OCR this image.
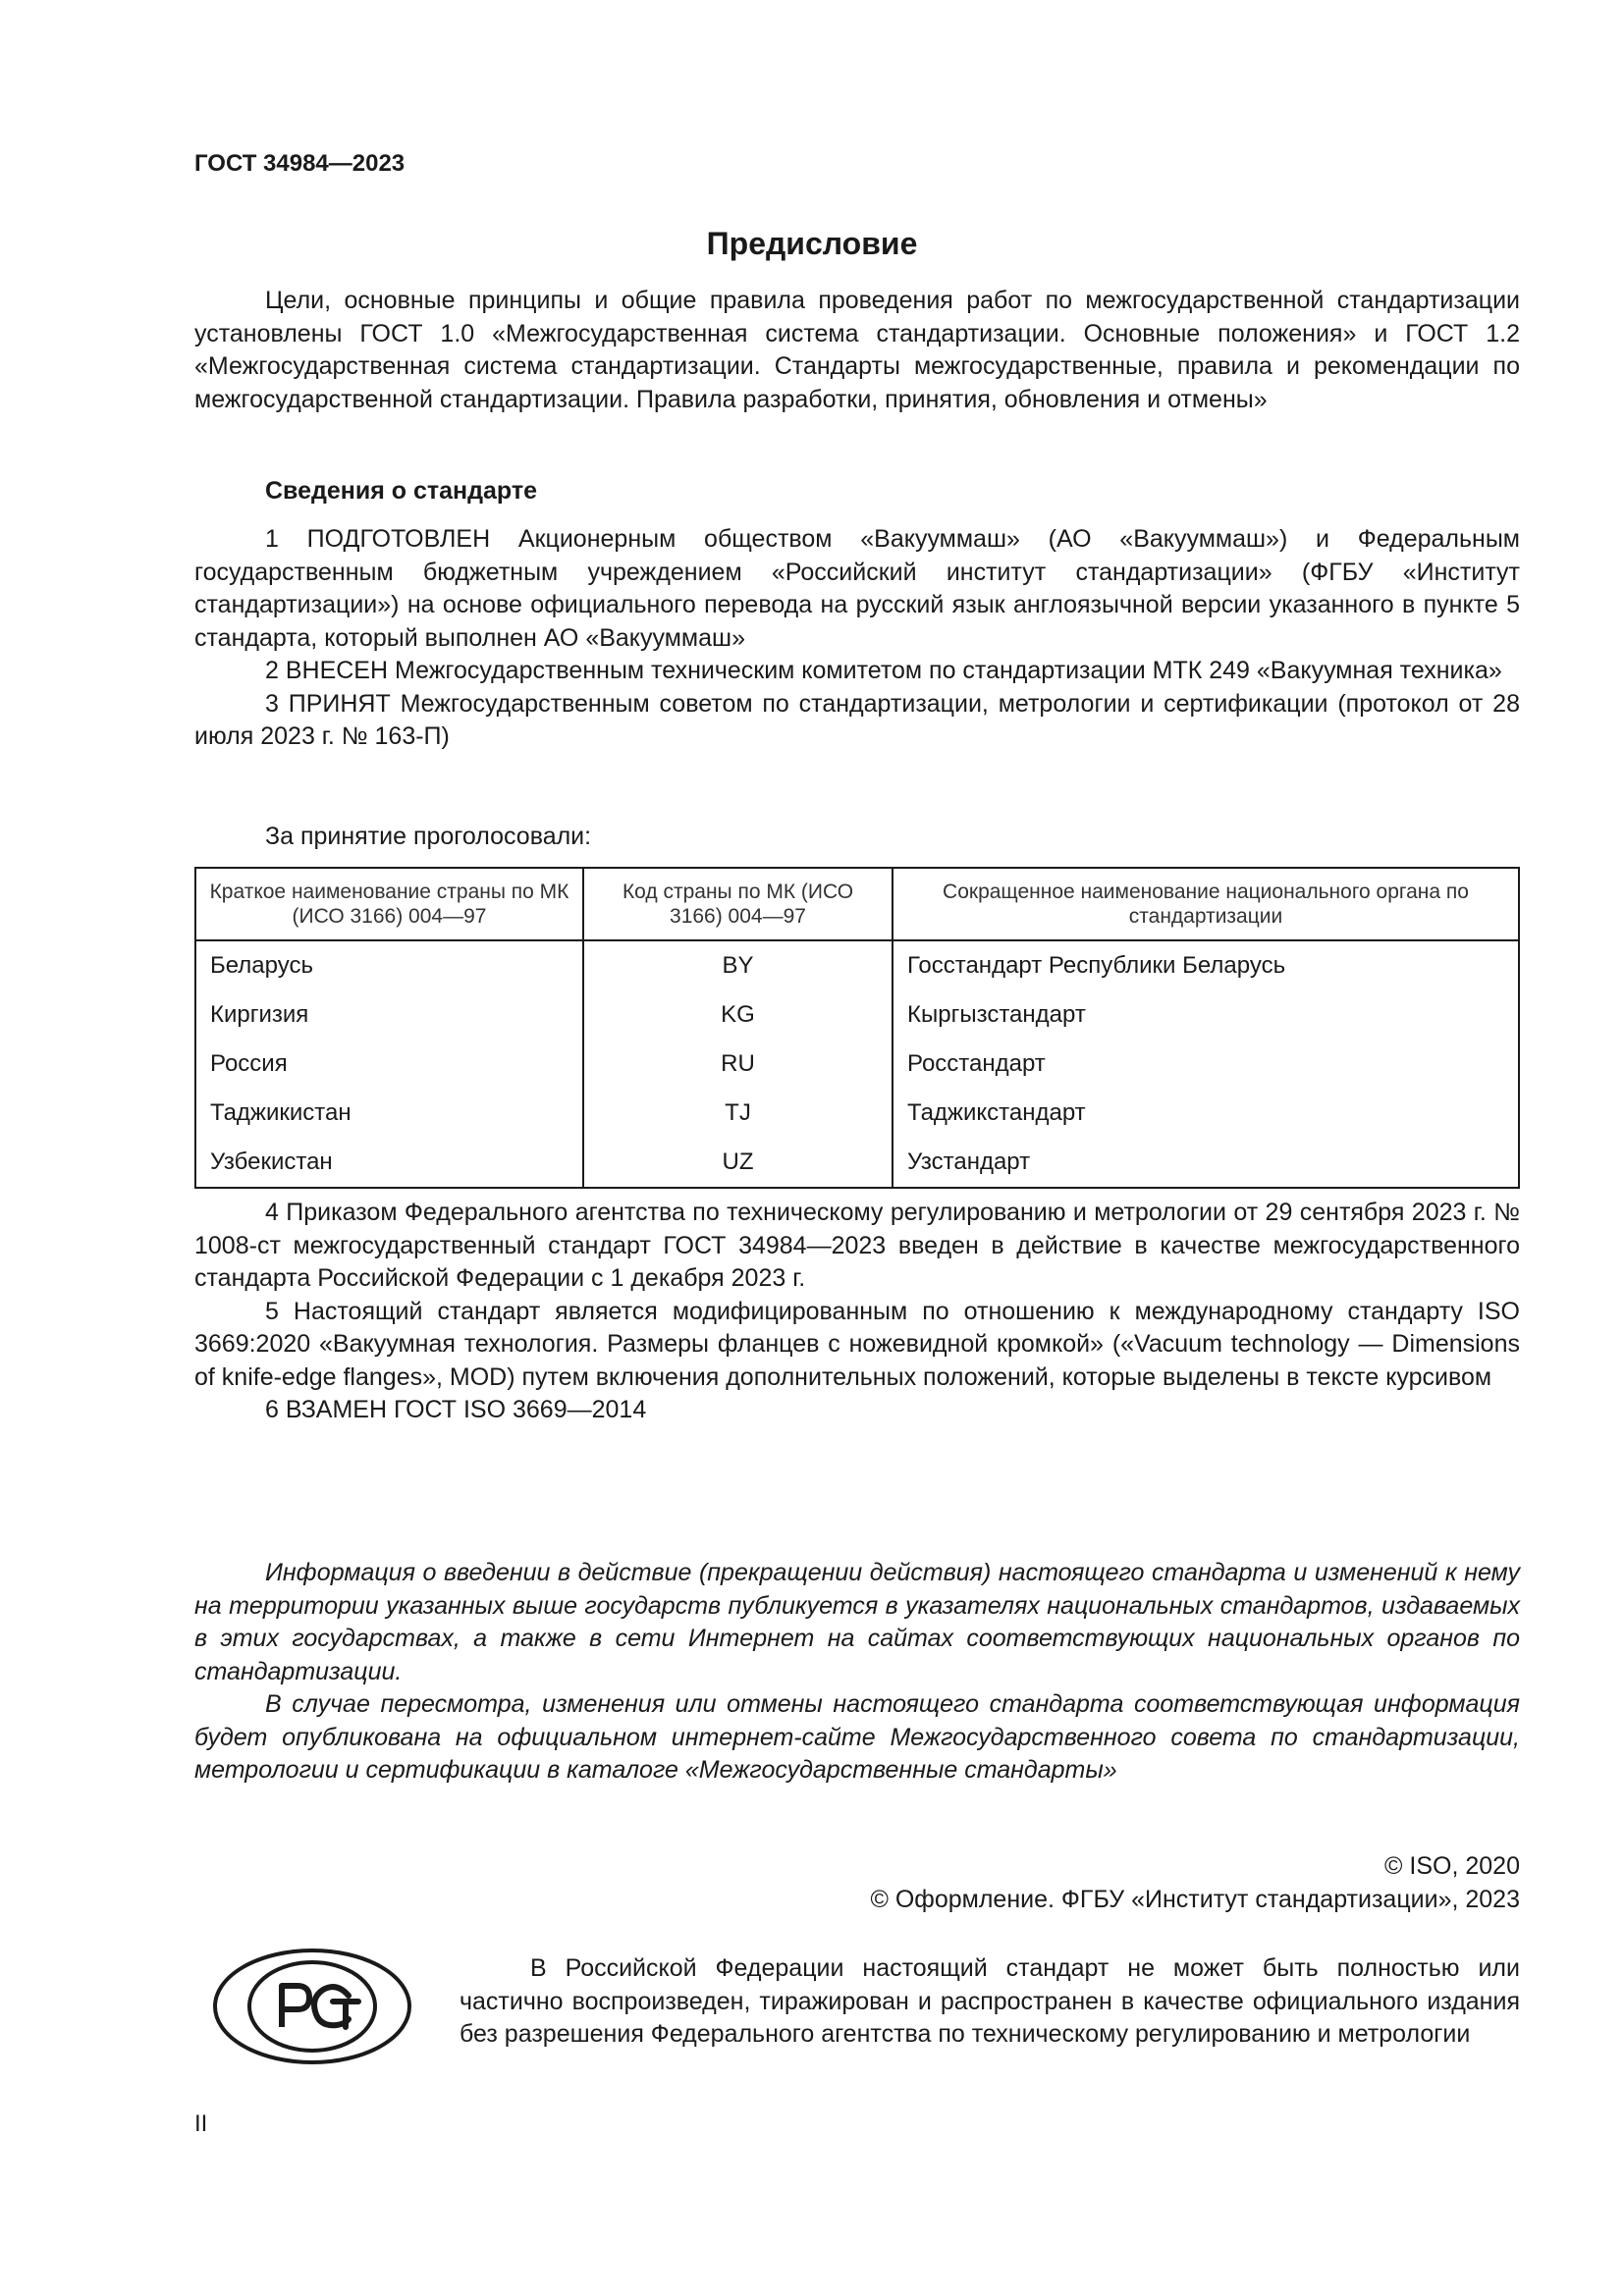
ГОСТ 34984—2023
Предисловие

Цели, основные принципы и общие правила проведения работ по межгосударственной стандартизации установлены ГОСТ 1.0 «Межгосударственная система стандартизации. Основные положения» и ГОСТ 1.2 «Межгосударственная система стандартизации. Стандарты межгосударственные, правила и рекомендации по межгосударственной стандартизации. Правила разработки, принятия, обновления и отмены»

Сведения о стандарте

1 ПОДГОТОВЛЕН Акционерным обществом «Вакууммаш» (АО «Вакууммаш») и Федеральным государственным бюджетным учреждением «Российский институт стандартизации» (ФГБУ «Институт стандартизации») на основе официального перевода на русский язык англоязычной версии указанного в пункте 5 стандарта, который выполнен АО «Вакууммаш»

2 ВНЕСЕН Межгосударственным техническим комитетом по стандартизации МТК 249 «Вакуумная техника»

3 ПРИНЯТ Межгосударственным советом по стандартизации, метрологии и сертификации (протокол от 28 июля 2023 г. № 163-П)

За принятие проголосовали:
Краткое наименование страны по МК (ИСО 3166) 004—97	Код страны по МК (ИСО 3166) 004—97	Сокращенное наименование национального органа по стандартизации
Беларусь	BY	Госстандарт Республики Беларусь
Киргизия	KG	Кыргызстандарт
Россия	RU	Росстандарт
Таджикистан	TJ	Таджикстандарт
Узбекистан	UZ	Узстандарт

4 Приказом Федерального агентства по техническому регулированию и метрологии от 29 сентября 2023 г. № 1008-ст межгосударственный стандарт ГОСТ 34984—2023 введен в действие в качестве межгосударственного стандарта Российской Федерации с 1 декабря 2023 г.

5 Настоящий стандарт является модифицированным по отношению к международному стандарту ISO 3669:2020 «Вакуумная технология. Размеры фланцев с ножевидной кромкой» («Vacuum technology — Dimensions of knife-edge flanges», MOD) путем включения дополнительных положений, которые выделены в тексте курсивом

6 ВЗАМЕН ГОСТ ISO 3669—2014

Информация о введении в действие (прекращении действия) настоящего стандарта и изменений к нему на территории указанных выше государств публикуется в указателях национальных стандартов, издаваемых в этих государствах, а также в сети Интернет на сайтах соответствующих национальных органов по стандартизации.

В случае пересмотра, изменения или отмены настоящего стандарта соответствующая информация будет опубликована на официальном интернет-сайте Межгосударственного совета по стандартизации, метрологии и сертификации в каталоге «Межгосударственные стандарты»

© ISO, 2020
© Оформление. ФГБУ «Институт стандартизации», 2023

В Российской Федерации настоящий стандарт не может быть полностью или частично воспроизведен, тиражирован и распространен в качестве официального издания без разрешения Федерального агентства по техническому регулированию и метрологии

II
